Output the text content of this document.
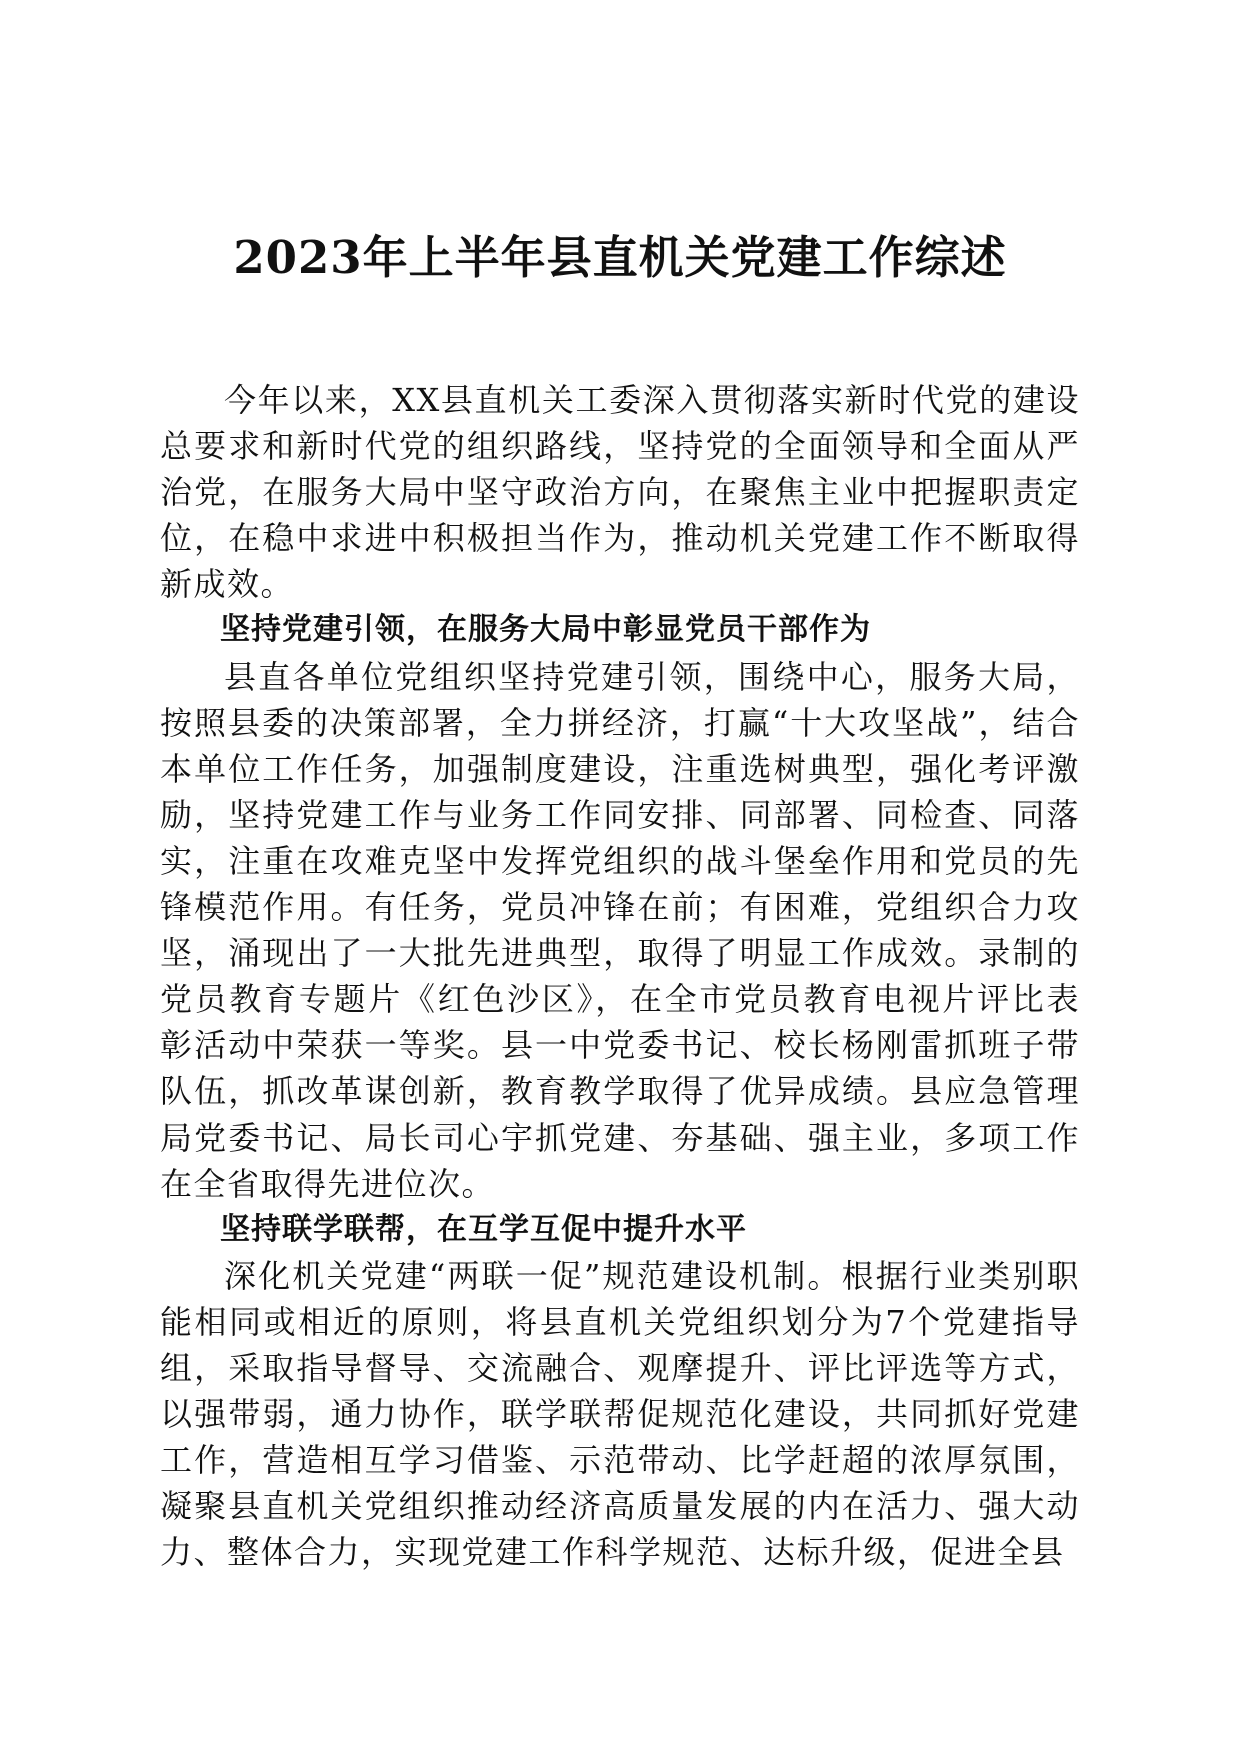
2023年上半年县直机关党建工作综述

今年以来，XX县直机关工委深入贯彻落实新时代党的建设总要求和新时代党的组织路线，坚持党的全面领导和全面从严治党，在服务大局中坚守政治方向，在聚焦主业中把握职责定位，在稳中求进中积极担当作为，推动机关党建工作不断取得新成效。

坚持党建引领，在服务大局中彰显党员干部作为

县直各单位党组织坚持党建引领，围绕中心，服务大局，按照县委的决策部署，全力拼经济，打赢“十大攻坚战”，结合本单位工作任务，加强制度建设，注重选树典型，强化考评激励，坚持党建工作与业务工作同安排、同部署、同检查、同落实，注重在攻难克坚中发挥党组织的战斗堡垒作用和党员的先锋模范作用。有任务，党员冲锋在前；有困难，党组织合力攻坚，涌现出了一大批先进典型，取得了明显工作成效。录制的党员教育专题片《红色沙区》，在全市党员教育电视片评比表彰活动中荣获一等奖。县一中党委书记、校长杨刚雷抓班子带队伍，抓改革谋创新，教育教学取得了优异成绩。县应急管理局党委书记、局长司心宇抓党建、夯基础、强主业，多项工作在全省取得先进位次。

坚持联学联帮，在互学互促中提升水平

深化机关党建“两联一促”规范建设机制。根据行业类别职能相同或相近的原则，将县直机关党组织划分为7个党建指导组，采取指导督导、交流融合、观摩提升、评比评选等方式，以强带弱，通力协作，联学联帮促规范化建设，共同抓好党建工作，营造相互学习借鉴、示范带动、比学赶超的浓厚氛围，凝聚县直机关党组织推动经济高质量发展的内在活力、强大动力、整体合力，实现党建工作科学规范、达标升级，促进全县
